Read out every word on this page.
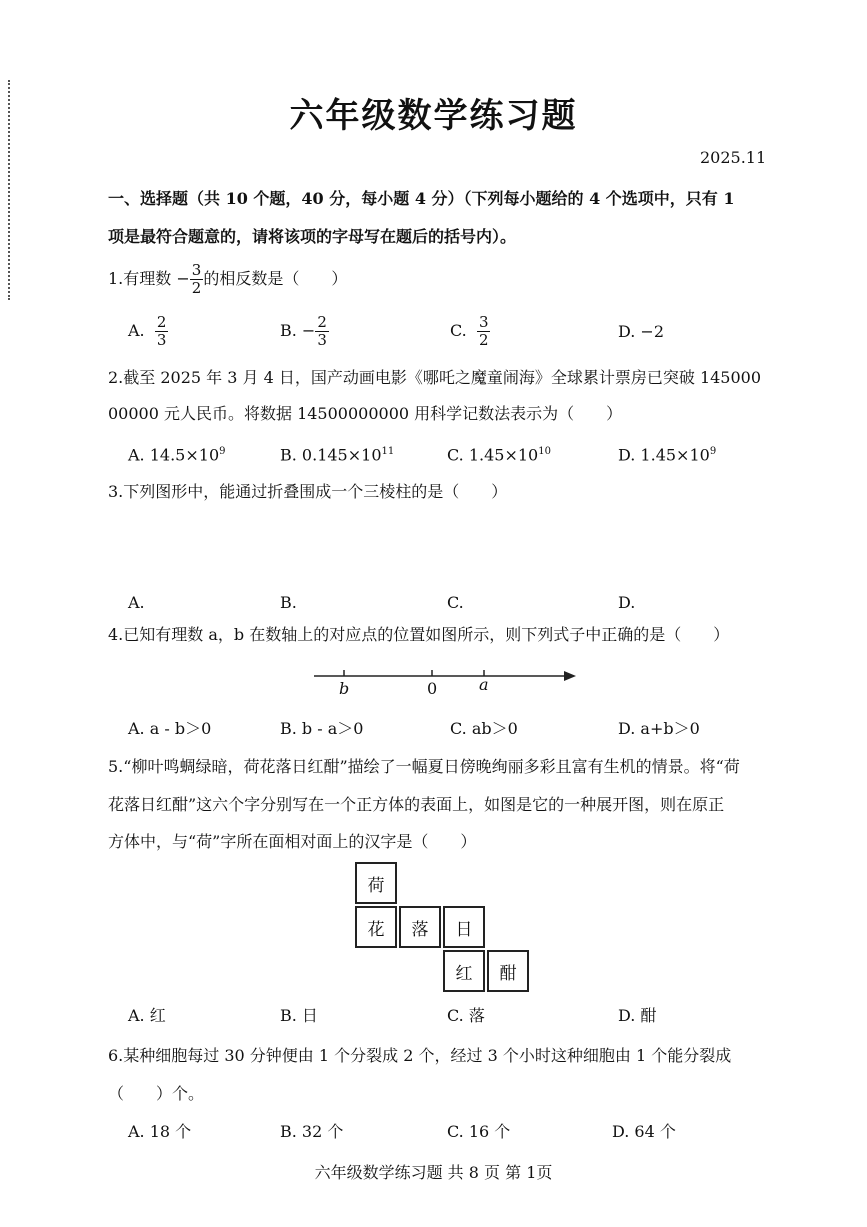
六年级数学练习题
2025.11
一、选择题（共 10 个题，40 分，每小题 4 分）（下列每小题给的 4 个选项中，只有 1
项是最符合题意的，请将该项的字母写在题后的括号内）。
1.有理数 − $\frac{3}{2}$ 的相反数是（　　）
A. $\frac{2}{3}$	B. − $\frac{2}{3}$	C. $\frac{3}{2}$	D. −2
2.截至 2025 年 3 月 4 日，国产动画电影《哪吒之魔童闹海》全球累计票房已突破 145000
00000 元人民币。将数据 14500000000 用科学记数法表示为（　　）
A. $14.5\times 10^9$	B. $0.145\times 10^{11}$	C. $1.45\times 10^{10}$	D. $1.45\times 10^9$
3.下列图形中，能通过折叠围成一个三棱柱的是（　　）
A.	B.	C.	D.
4.已知有理数 a，b 在数轴上的对应点的位置如图所示，则下列式子中正确的是（　　）
b	0	a
A. a - b＞0	B. b - a＞0	C. ab＞0	D. a+b＞0
5.“柳叶鸣蜩绿暗，荷花落日红酣”描绘了一幅夏日傍晚绚丽多彩且富有生机的情景。将“荷
花落日红酣”这六个字分别写在一个正方体的表面上，如图是它的一种展开图，则在原正
方体中，与“荷”字所在面相对面上的汉字是（　　）
荷
花	落	日
红	酣
A. 红	B. 日	C. 落	D. 酣
6.某种细胞每过 30 分钟便由 1 个分裂成 2 个，经过 3 个小时这种细胞由 1 个能分裂成
（　　）个。
A. 18 个	B. 32 个	C. 16 个	D. 64 个
六年级数学练习题 共 8 页 第 1页
